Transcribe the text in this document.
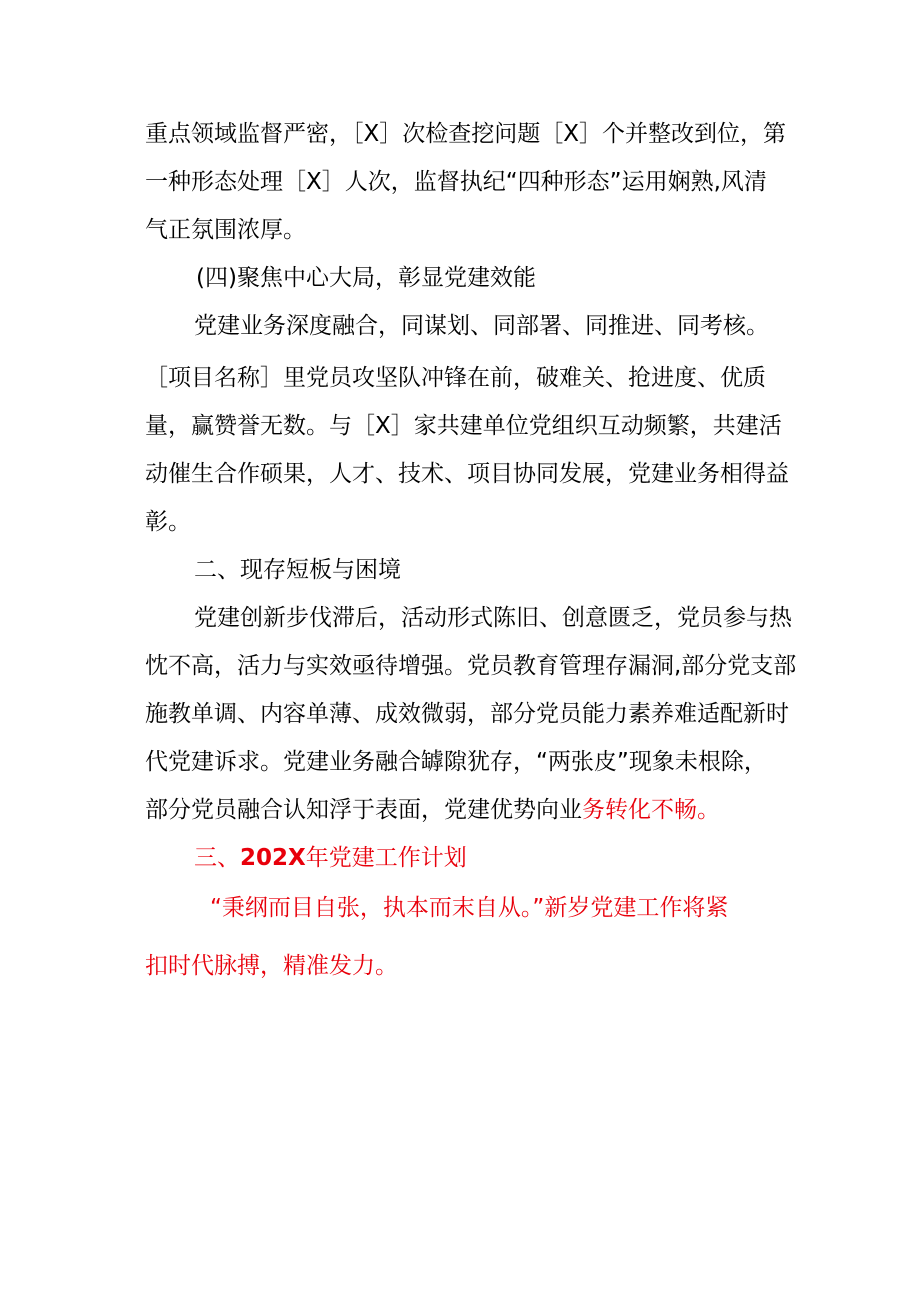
重点领域监督严密，［X］次检查挖问题［X］个并整改到位，第
一种形态处理［X］人次，监督执纪“四种形态”运用娴熟,风清
气正氛围浓厚。
(四)聚焦中心大局，彰显党建效能
党建业务深度融合，同谋划、同部署、同推进、同考核。
［项目名称］里党员攻坚队冲锋在前，破难关、抢进度、优质
量，赢赞誉无数。与［X］家共建单位党组织互动频繁，共建活
动催生合作硕果，人才、技术、项目协同发展，党建业务相得益
彰。
二、现存短板与困境
党建创新步伐滞后，活动形式陈旧、创意匮乏，党员参与热
忱不高，活力与实效亟待增强。党员教育管理存漏洞,部分党支部
施教单调、内容单薄、成效微弱，部分党员能力素养难适配新时
代党建诉求。党建业务融合罅隙犹存，“两张皮”现象未根除，
部分党员融合认知浮于表面，党建优势向业务转化不畅。
三、202X年党建工作计划
“秉纲而目自张，执本而末自从。”新岁党建工作将紧
扣时代脉搏，精准发力。
